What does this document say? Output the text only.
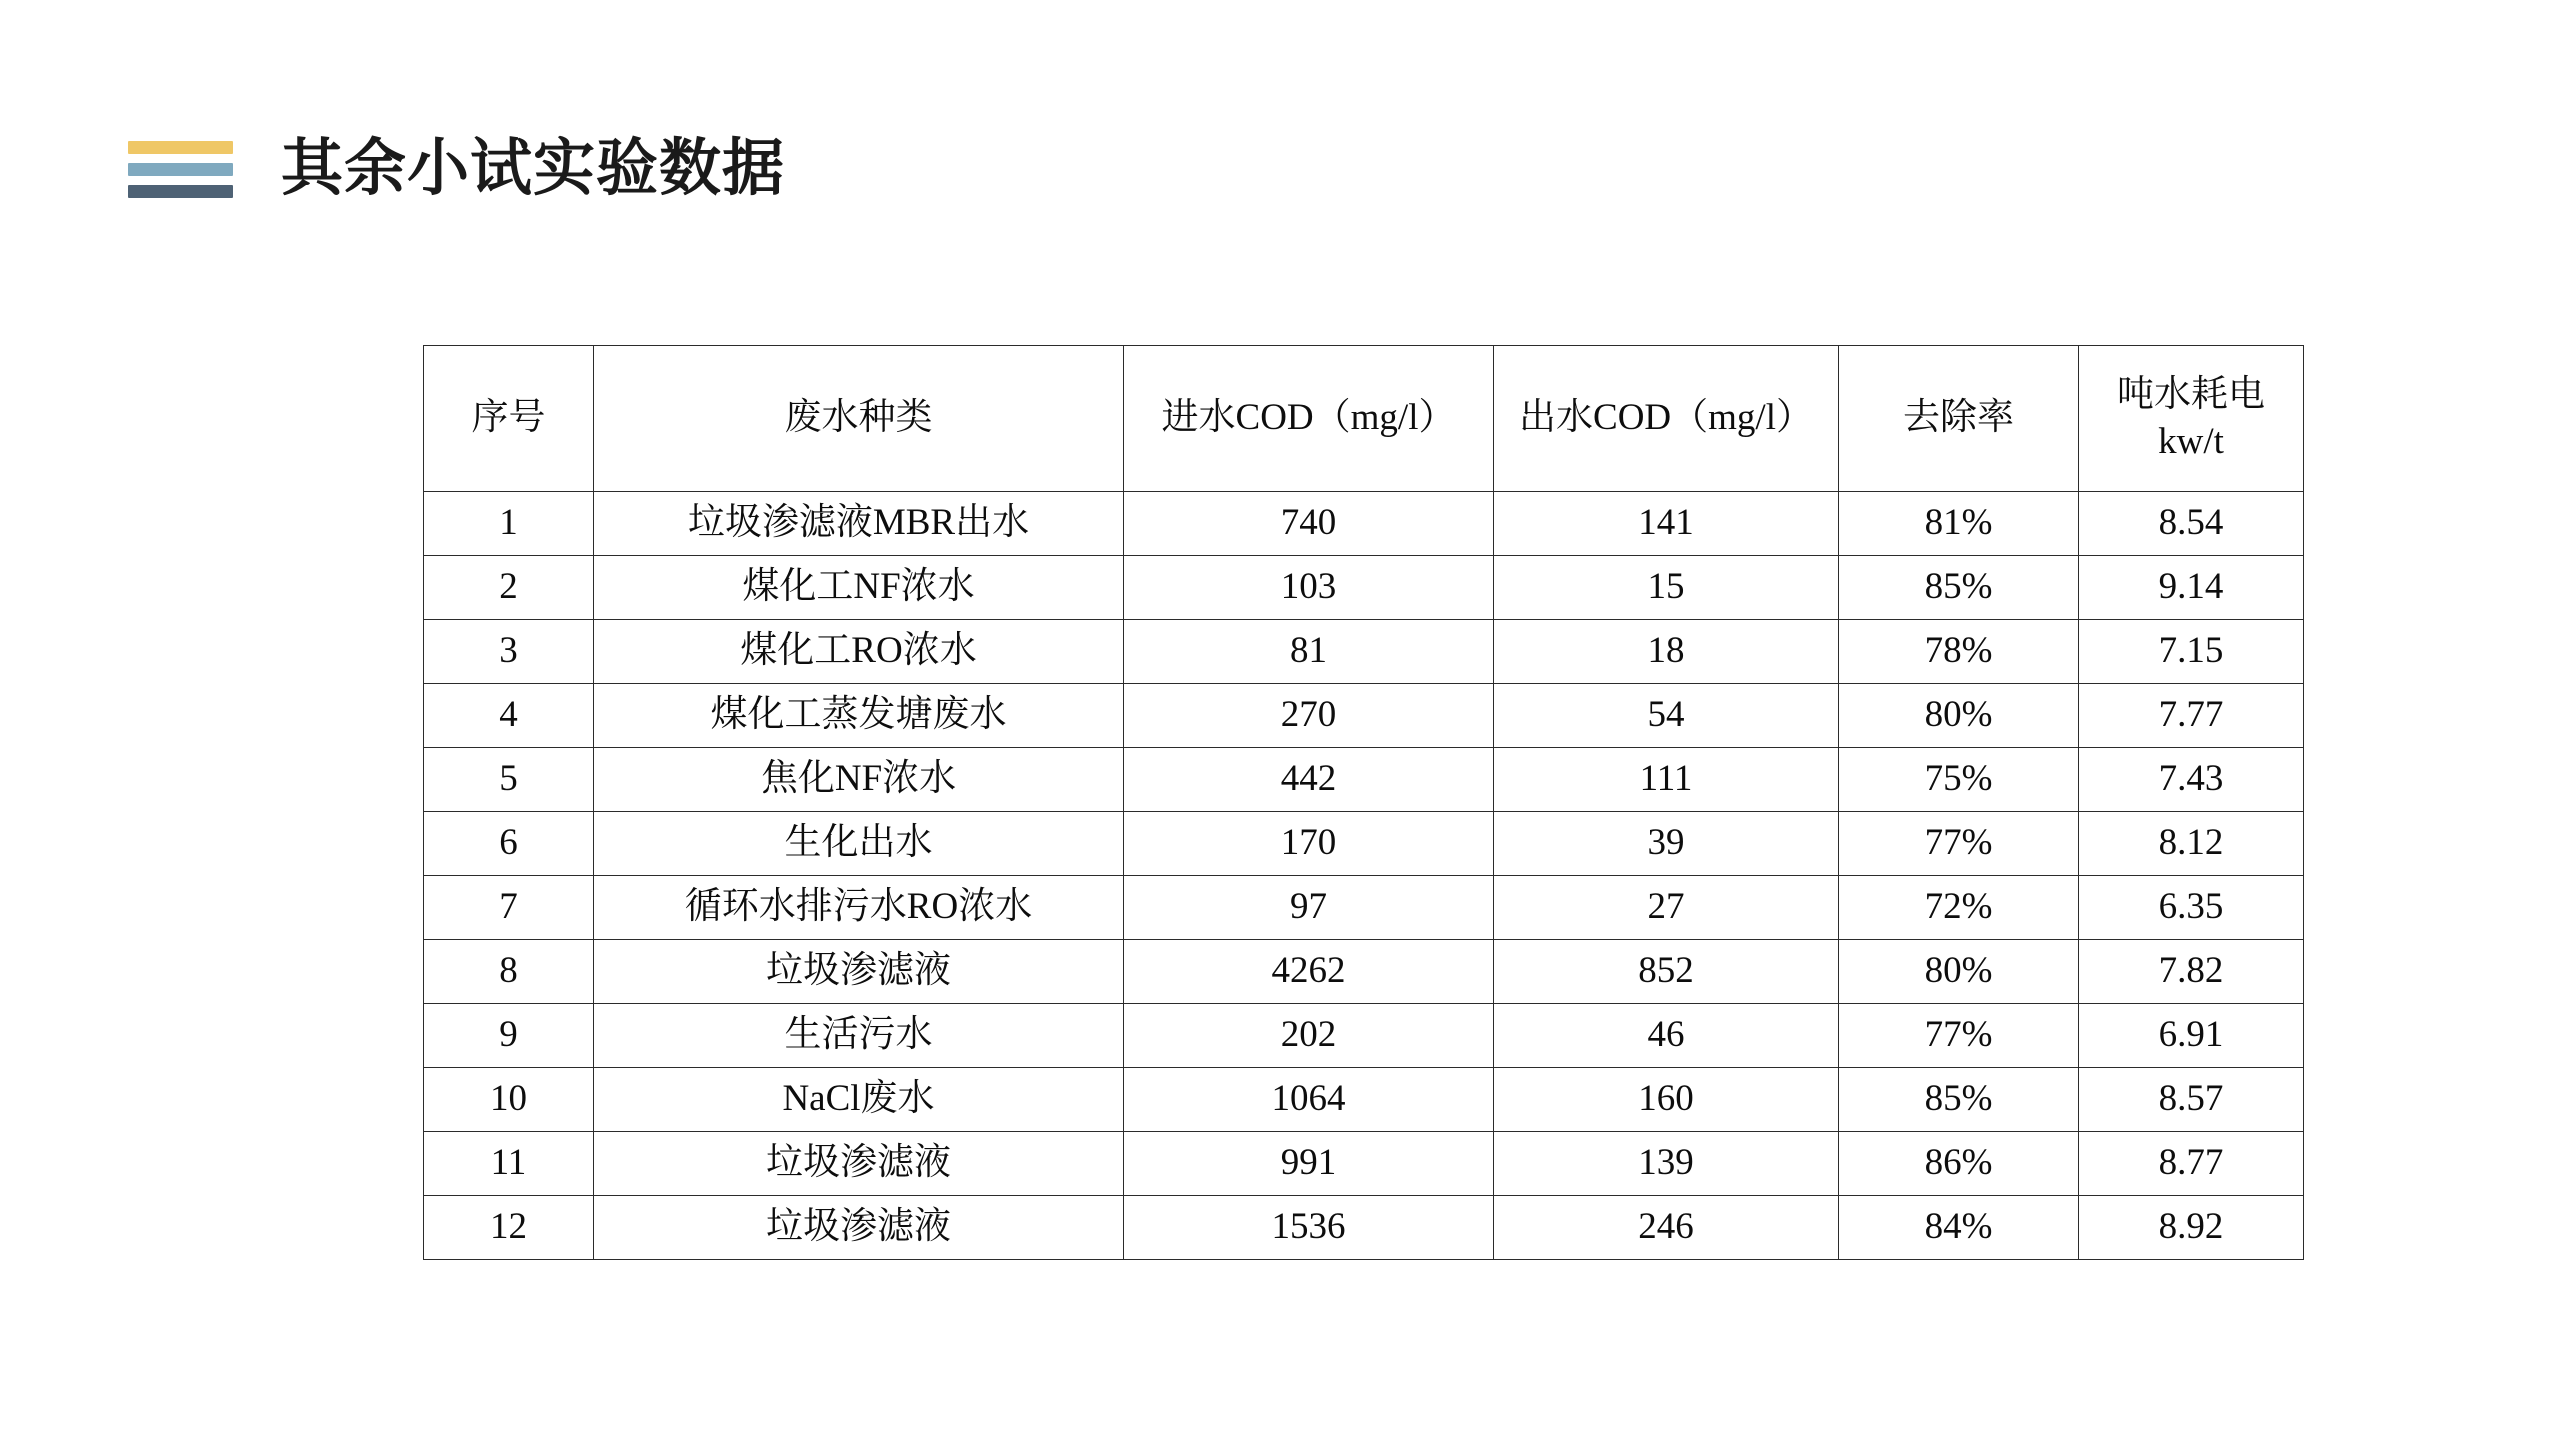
其余小试实验数据
序号	废水种类	进水COD（mg/l）	出水COD（mg/l）	去除率	吨水耗电
kw/t

1	垃圾渗滤液MBR出水	740	141	81%	8.54
2	煤化工NF浓水	103	15	85%	9.14
3	煤化工RO浓水	81	18	78%	7.15
4	煤化工蒸发塘废水	270	54	80%	7.77
5	焦化NF浓水	442	111	75%	7.43
6	生化出水	170	39	77%	8.12
7	循环水排污水RO浓水	97	27	72%	6.35
8	垃圾渗滤液	4262	852	80%	7.82
9	生活污水	202	46	77%	6.91
10	NaCl废水	1064	160	85%	8.57
11	垃圾渗滤液	991	139	86%	8.77
12	垃圾渗滤液	1536	246	84%	8.92
